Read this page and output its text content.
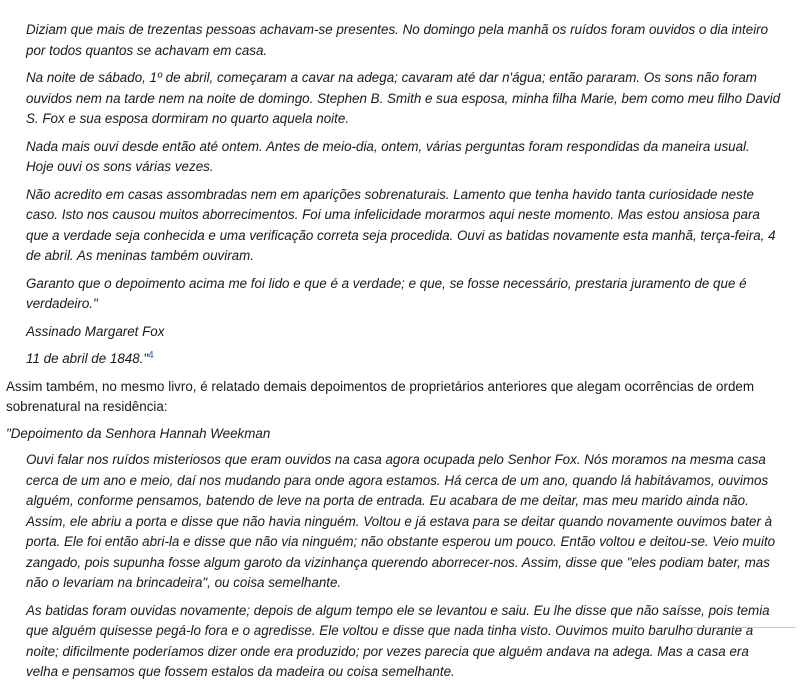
Diziam que mais de trezentas pessoas achavam-se presentes. No domingo pela manhã os ruídos foram ouvidos o dia inteiro por todos quantos se achavam em casa.

Na noite de sábado, 1º de abril, começaram a cavar na adega; cavaram até dar n'água; então pararam. Os sons não foram ouvidos nem na tarde nem na noite de domingo. Stephen B. Smith e sua esposa, minha filha Marie, bem como meu filho David S. Fox e sua esposa dormiram no quarto aquela noite.

Nada mais ouvi desde então até ontem. Antes de meio-dia, ontem, várias perguntas foram respondidas da maneira usual. Hoje ouvi os sons várias vezes.

Não acredito em casas assombradas nem em aparições sobrenaturais. Lamento que tenha havido tanta curiosidade neste caso. Isto nos causou muitos aborrecimentos. Foi uma infelicidade morarmos aqui neste momento. Mas estou ansiosa para que a verdade seja conhecida e uma verificação correta seja procedida. Ouvi as batidas novamente esta manhã, terça-feira, 4 de abril. As meninas também ouviram.

Garanto que o depoimento acima me foi lido e que é a verdade; e que, se fosse necessário, prestaria juramento de que é verdadeiro."

Assinado Margaret Fox

11 de abril de 1848."$^4$

Assim também, no mesmo livro, é relatado demais depoimentos de proprietários anteriores que alegam ocorrências de ordem sobrenatural na residência:

"Depoimento da Senhora Hannah Weekman

Ouvi falar nos ruídos misteriosos que eram ouvidos na casa agora ocupada pelo Senhor Fox. Nós moramos na mesma casa cerca de um ano e meio, daí nos mudando para onde agora estamos. Há cerca de um ano, quando lá habitávamos, ouvimos alguém, conforme pensamos, batendo de leve na porta de entrada. Eu acabara de me deitar, mas meu marido ainda não. Assim, ele abriu a porta e disse que não havia ninguém. Voltou e já estava para se deitar quando novamente ouvimos bater à porta. Ele foi então abri-la e disse que não via ninguém; não obstante esperou um pouco. Então voltou e deitou-se. Veio muito zangado, pois supunha fosse algum garoto da vizinhança querendo aborrecer-nos. Assim, disse que "eles podiam bater, mas não o levariam na brincadeira", ou coisa semelhante.

As batidas foram ouvidas novamente; depois de algum tempo ele se levantou e saiu. Eu lhe disse que não saísse, pois temia que alguém quisesse pegá-lo fora e o agredisse. Ele voltou e disse que nada tinha visto. Ouvimos muito barulho durante a noite; dificilmente poderíamos dizer onde era produzido; por vezes parecia que alguém andava na adega. Mas a casa era velha e pensamos que fossem estalos da madeira ou coisa semelhante.
